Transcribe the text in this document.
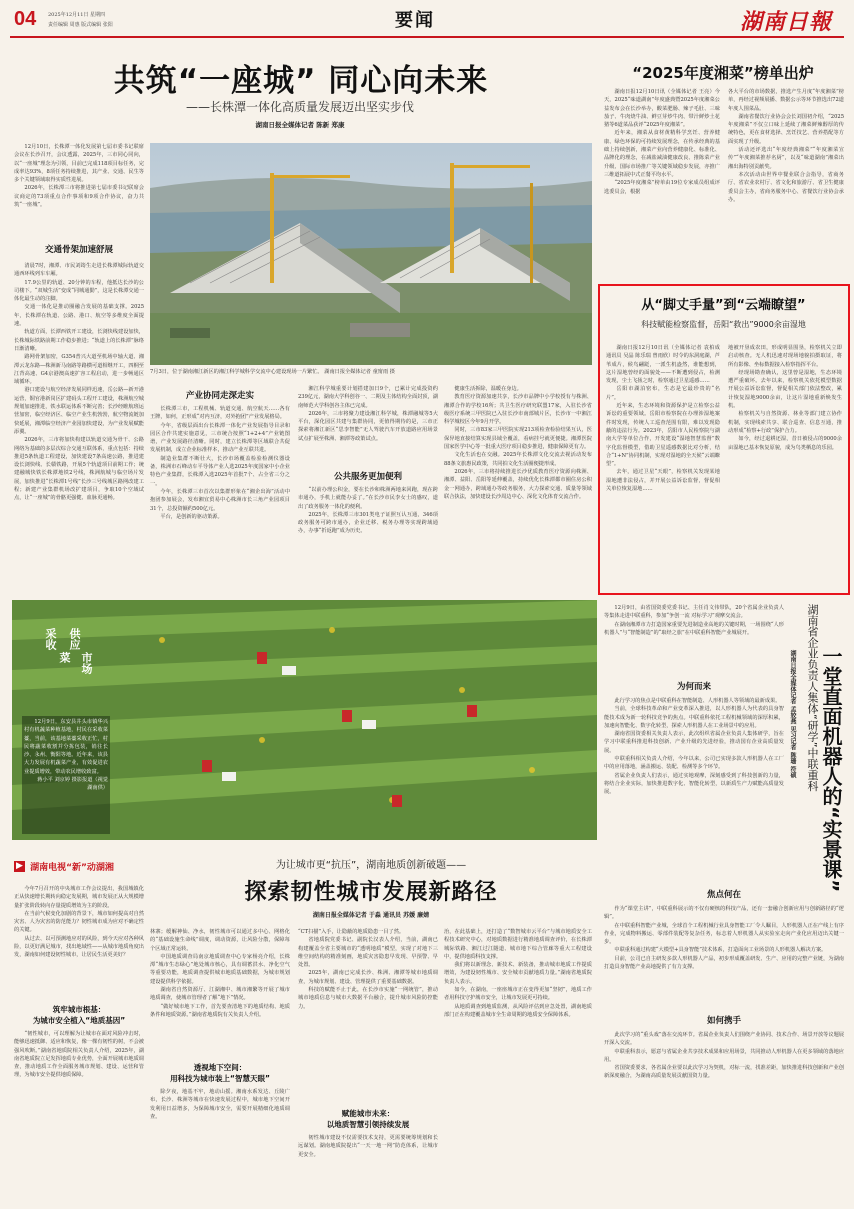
04 2025年12月11日 星期四
责任编辑 周惠 版式编辑 张阳	要闻	湖南日報
共筑“一座城” 同心向未来
——长株潭一体化高质量发展迈出坚实步伐
湖南日报全媒体记者 陈新 郑康

12月10日，长株潭一体化发展第七届市委书记联席会议在长沙召开，会议透露，2025年，三市同心同向，以“一座城”理念为引领，目前已完成118项目标任务，完成率达93%，8项任务持续推进，其产业、交通、民生等多个关键领域取得实质性进展。

2026年，长株潭三市将推进第七届市委书记联席会议商定的73项重点合作事项和9项合作协议，奋力共筑“一座城”。

交通骨架加速舒展

清晨7时，湘潭、市民刘筠生走进长株潭城际轨道交通西环线列车车厢。

17.9公里的轨道、20分钟的车程，他抵达长沙的公司楼下。“双城生活”变成“同城通勤”，这是长株潭交通一体化最生动的注脚。

交通一体化是推动圈融合发展的基础支撑。2025年，长株潭在轨道、公路、港口、航空等多维度全面提速。

轨道方面，长潭西铁开工建设，长浏快线建设加快，长株城际铁路前期工作稳步推进；“轨道上的长株潭”脉络日渐清晰。

路网骨架加密，G354普兴大道至机场中轴大道、湘潭云龙东路—株洲新马南路等路横可道相继开工，四桐至江背高速、G4京港澳高速扩容工程启动，进一步畅通区域循环。

港口建设与航空经济发展同样迅速，岳公路—新开港运营，铜官港新岗区扩建码头工程开工建设，株洲航空城规划加速推进，铁水联运体系不断完善；长沙经睢航班运营加密，临空经济区、临空产业生机勃勃，航空物流链加快延展，湘潭临空经济产业园加快建设，为产业发展赋能添翼。

2026年，三市将加快构建以轨道交通为骨干、公路网络为基础的多层次综合交通互联体系，重点包括：持续推进5条轨道工程建设，加快建设7条高速公路，推进建设长浏快线、长赣铁路，开展5个轨道项目前期工作；统建融城快铁长株潭地铁2号线，株洲航城与临空场片发展，加快推进“长株潭1号线”长沙三号线城区路网改建工程；新建产业集群机场改扩建项目，争取10个空域试点，让“一座城”的骨骼更强健、血脉更通畅。

7月3日，位于湖南湘江新区的湘江科学城科学交流中心建设现场一片繁忙。 湖南日报全媒体记者 童甯雨 摄
产业协同走深走实

长株潭三市，工程机械、轨道交通、航空航天……各有王牌，如何，正形成“对内互济，对外抱团”产业发展格局。

今年，省级层面出台长株潭一体化产业发展指导目录和园区合作共建实施意见，三市统合按照“1+2+4”产业链图谱，产业发展路径清晰。同时，建立长株潭等区域联合共促发展机制，成立企业标准样本，推动产业互联共进。

制造业集群不断壮大，长沙市场覆盖检验检测仪器设备，株洲市石峰动车平导体产业人选2025年度国家中小企业特色产业集群，长株潭入选2025年首批7个、占全省三分之一。

今年，长株潭三市首次以集群形象在“湘企出海”活动中抱团参加展会，发布湘宜贸易中心株洲市长三角产业园项目31个，总投资额约500亿元。

平台，是创新的驱动策源。

湘江科学城重要计划搭建加日9个，已累计完成投资约239亿元，湖南大学科创谷一、二期及主体结构全面封顶，湖南师范大学科创谷主体已完成。

2026年，三市将聚力建设湘江科学城，株潭融城等5大平台，深化园区共建与集群协同，更值得期待的是，三市正探索将湘江新区“思李智能”无人驾驶汽车开放道路应用场景试点扩展至株洲、湘潭等政策试点。

公共服务更加便利

“以前办理公积金，要在长沙和株洲两地来回跑，现在跨市通办，手机上就能办妥了。”在长沙市民李女士的感叹，道出了政务服务一体化的便利。

2025年，长株潭三市301类电子证照互认互通，346项政务服务可跨市通办，企业迁移、税务办理等实现跨域通办，办事“折返跑”成为历史。

健康生活拆除，温暖在身边。

教育医疗资源加速共享，长沙市品牌中小学校授有与株洲、湘潭合作的学校16所；共卫生医疗研究联盟17家，入驻长沙省级医疗系统三甲医院已入驻长沙市南部城片区，长沙市一中湘江科学城校区今年9月开学。

同时，三市83家三甲医院实现213项检查检验结果互认，医保异地直接结算实现县域全覆盖，看病挂号就更便捷。湘潭医院国家医学中心等一批重大医疗项目稳步推进，健康保障更有力。

文化生活也在交融。2025年长株潭文化交流去视活动发布88条文旅惠民政策，共同拍文化生活圈便捷形成。

2026年，三市将持续推进长沙优质教育医疗资源向株洲、湘潭、益阳、岳阳等延伸覆盖，持续优化长株潭都市圈住房公积金一网通办，跨域通办等政务服务，大力探索交通、质量等领域联合执法，加快建设长沙周边中心、深化文化体育交流合作。

“2025年度湘菜”榜单出炉

湖南日报12月10日讯（全媒体记者 王亮）今天，2025“味道湖南”年度盛典暨2025年度湘菜公益发布会在长沙举办，酸菜肥肠、辣子毛肚、三味茄子、牛肉烧牛油、鲜豆芽炒牛肉、带汁鲜炒土花猪等6道菜品获评“2025年度湘菜”。

近年来，湘菜从食材黄精科学烹饪、营养健康、绿色环保的可持续发展理念，在传承经典的基础上持续创新，湘菜产业向营养健康化、标准化、品牌化的理念，在减盐减油健康改良、推陈菜产业升级、国际市场推广等关键领域稳步发展，亦推广三维道拓展中式正餐平均水平。

“2025年度湘菜”榜单由19位专家成员组成评选委员会，根据

各大平台的市场数据，推选产生月度“年度湘菜”榜单，再经过视频展播、数据公示等环节推选出72道年度人围菜品。

湖南省餐饮行业协会会长刘国初介绍，“2025年度湘菜”不仅立口味上延续了湘菜鲜辣醇厚的传统特色，更在食材选择、烹饪技艺、营养搭配等方面实现了升级。

活动还评选出“年度经典湘菜”“年度湘菜宣传”“年度湘菜推荐名厨”，以及“味道湖南”湘菜出湘出海特别贡献奖。

本次活动由世界中餐业联合会指导，省商务厅、省农业农村厅、省文化和旅游厅、省卫生健康委员会主办，省商务服务中心、省餐饮行业协会承办。

从“脚丈手量”到“云端瞭望”
科技赋能检察监督，岳阳“救出”9000余亩湿地

湖南日报12月10日讯（全媒体记者 袁柏成 通讯员 吴晶 陈乐瑞 曾雨欣）时令的东洞庭湖，芦苇成片，候鸟翩跹，一派生机盎然，谁能想到，这片湿地曾经的面貌处——不断遭到侵占，检测发现，尘土飞扬之时，检察通过卫星遥感……

岳阳市湖泊密布，生态是它最珍贵的“名片”。

近年来，生态环境和资源保护是立检察公益诉讼的重要领域。岳阳市检察院在办理涉湿地案件时发现，传统人工巡查范围有限，难以发现隐蔽的违法行为。2023年，岳阳市人民检察院与湖南大学等单位合作，开发建设“湿地智慧监督”数字化监督模型，借助卫星遥感数据比对分析，结合“1+N”协同机制，实现对湿地的全天候“云端瞭望”。

去年，通过卫星“天眼”，检察机关发现某地湿地遭非法侵占，并开展公益诉讼监督，督促相关单位恢复湿地……

地被开垦成农田，形成明显围垦，检察机关立即启动核查。无人机迅速对现场地貌拍摄取证，将所有影像、坐标数据接入检察指挥平台。

经现场勘查确认，这里曾是湿地，生态环境遭严重破坏。去年以来，检察机关依托模型数据开展公益诉讼监督，督促相关部门依法整改，累计恢复湿地9000余亩，让这片湿地重新焕发生机。

检察机关与自然资源、林业等部门建立协作机制，实现线索共享、联合巡查、信息互通，推动形成“检察+行政”保护合力。

如今，经过退耕还湿，昔日被侵占的9000余亩湿地已基本恢复原貌，成为鸟类栖息的乐园。

采收
菜
供应
市场

12月9日，东安县井头市镇华兴村有机蔬菜种植基地，村民在采收菜薹，当前，该基地菜薹采收正忙，村民将蔬菜收割并分拣包装，销往长沙、永州、衡阳等地。近年来，该县大力发展有机蔬菜产业，有效促进农业提质增效，带动农民增收致富。

蒋小平 刘京婷 摄影报道（视觉湖南供）	湖南省企业负责人集体“研学”中联重科 一堂直面机器人的“实景课”
湖南日报全媒体记者 孟姣燕 见习记者 陈珊 符硕

12月9日，由省国资委党委书记、主任肖文伟带队，20个省属企业负责人等集体走进中联重科，参加“争创一流 对标学习”观摩交流会。

在湖南湘潭市力打造国家重要先进制造业高地的关键时期，一场围绕“人形机器人”与“智能制造”的“取经之旅”在中联重科智能产业城展开。

为何而来

此行学习的焦点是中联重科在智能制造、人形机器人等领域的最新成果。

当前，全球科技革命和产业变革深入推进，以人形机器人为代表的具身智能技术成为新一轮科技竞争的焦点。中联重科依托工程机械领域的深厚积累，加速向智能化、数字化转型，探索人形机器人在工业场景中的应用。

湖南省国资委相关负责人表示，此次组织省属企业负责人集体研学，旨在学习中联重科推进科技创新、产业升级的先进经验，推动国有企业高质量发展。

中联重科相关负责人介绍，今年以来，公司已实现多款人形机器人在工厂中的应用落地，涵盖搬运、装配、检测等多个环节。

省属企业负责人们表示，通过实地观摩，深刻感受到了科技创新的力量，将结合企业实际，加快推进数字化、智能化转型，以新质生产力赋能高质量发展。

焦点何在

作为“课堂主讲”，中联重科展示的不仅有硬核的科技产品，还有一套融合创新应用与创新路径的“逻辑”。

在中联重科智能产业城，全球首个工程机械行业具身智能工厂令人瞩目，人形机器人正在产线上有序作业，完成物料搬运、零部件装配等复杂任务，标志着人形机器人从实验室走向产业化应用迈出关键一步。

中联重科通过构建“大模型+具身智能”技术体系，打造面向工业场景的人形机器人解决方案。

目前，公司已自主研发多款人形机器人产品，初步形成覆盖研发、生产、应用的完整产业链，为湖南打造具身智能产业高地提供了有力支撑。

如何携手

此次学习的“重头戏”落在交流环节。省属企业负责人们围绕产业协同、技术合作、场景开放等议题展开深入交流。

中联重科表示，愿意与省属企业共享技术成果和应用场景，共同推动人形机器人在更多领域的落地应用。

省国资委要求，各省属企业要以此次学习为契机，对标一流，找准差距，加快推进科技创新和产业创新深度融合，为湖南高质量发展贡献国资力量。

▶ 湖南电视“新”动湖湘	为让城市更“抗压”，湖南地质创新破题——
探索韧性城市发展新路径
湖南日报全媒体记者 于淼 通讯员 苏媛 廉婧

今年7月召开的中央城市工作会议提出，我国城镇化正从快速增长期转向稳定发展期，城市发展正从大规模增量扩张阶段转向存量提质增效为主的阶段。

在当前气候变化加剧的背景下，城市如何提高对自然灾害、人为灾害的防范能力？韧性城市成为应对不确定性的关键。

从过去、以可预测地应对的风险，到今天应对各种风险，以更好满足城市，找出地域性——从城市地质角度出发，湖南如何建设韧性城市，让居民生活更美好？

筑牢城市根基：
为城市安全植入“地质基因”

“韧性城市，可以理解为让城市在面对风险冲击时，能够迅速抵御、适应和恢复，像一棵有韧性的树，不会被强风吹断。”湖南省地质院相关负责人介绍，2025年，湖南省地质院立足发挥地质专业优势，全面开展城市地质调查，推动地质工作全面服务城市规划、建设、运营和管理，为城市安全提供地质保障。

林寨；缓解神仙、净水，韧性城市可以通过多中心、网格化的“基础设施生命线”调度，调动资源，让风险分散，保障每个区域正常运转。

中国地质调查局南京地质调查中心专家杨亮介绍，长株潭“城市生态绿心”地处城市核心，具有调蓄洪水、净化空气等重要功能，地质调查提供城市地质基础数据，为城市规划建设提供科学依据。

湖南省自然资源厅、江湖湘中、城市湘繁等开展了城市地质调查，使城市管理者了解“地下”情况。

“做好城市地下工作，首先要查清地下的地质结构、地质条件和地质资源。”湖南省地质院有关负责人介绍。

透视地下空间：
用科技为城市装上“智慧天眼”

除夕夜，地基不牢，地动山摇。湘南水系发达、丘陵广布，长沙、株洲等城市在快速发展过程中，城市地下空间开发利用日益增多，为保障城市安全，需要开展精细化地质调查。

“CT扫描”入手，让隐蔽的地质隐患一目了然。

省地质院党委书记、副院长汉表人介绍，当前，湖南已构建覆盖全省主要城市的“透明地质”模型，实现了对地下三维空间结构的精准刻画，地质灾害隐患早发现、早预警、早处置。

2025年，湖南已完成长沙、株洲、湘潭等城市地质调查，为城市规划、建设、管理提供了重要基础数据。

科技的赋能不止于此，在长沙市实施“一网统管”，推动城市地质信息与城市大数据平台融合，提升城市风险防控能力。

赋能城市未来：
以地质智慧引领持续发展

韧性城市建设不仅需要技术支持，更需要统筹规划和长远谋划。湖南地质院提出“一天一地一网”防范体系，让城市更安全。

治，在此基础上，还打造了“数智城市云平台”与城市地质安全工程技术研究中心，对地质数据进行精准地质调查评价，在长株潭城际铁路、湘江过江隧道、城市地下综合管廊等重大工程建设中，提供地质科技支撑。

我们将以新理念、新技术、新装备，推动城市地质工作提质增效，为建设韧性城市、安全城市贡献地质力量。”湖南省地质院负责人表示。

如今，在湖南，一座座城市正在变得更加“坚韧”，地质工作者用科技守护城市安全，让城市发展更可持续。

从地质调查到地质监测，从风险评估到应急处置，湖南地质部门正在构建覆盖城市全生命周期的地质安全保障体系。
